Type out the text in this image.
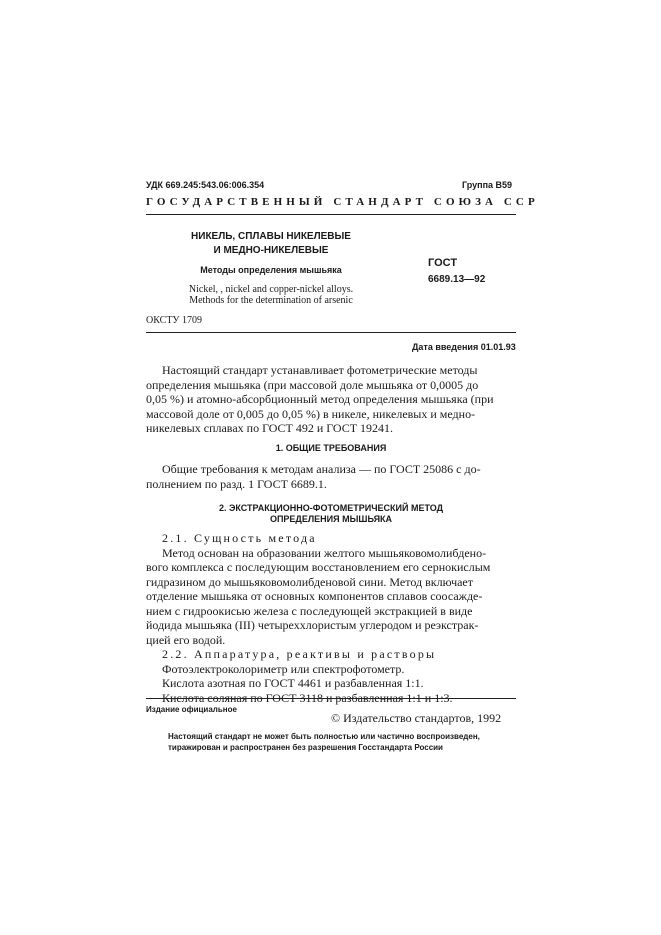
УДК 669.245:543.06:006.354	Группа В59
ГОСУДАРСТВЕННЫЙ СТАНДАРТ СОЮЗА ССР
НИКЕЛЬ, СПЛАВЫ НИКЕЛЕВЫЕ
И МЕДНО-НИКЕЛЕВЫЕ
Методы определения мышьяка
Nickel, , nickel and copper-nickel alloys.
Methods for the determination of arsenic
ГОСТ
6689.13—92
ОКСТУ 1709
Дата введения 01.01.93
Настоящий стандарт устанавливает фотометрические методы
определения мышьяка (при массовой доле мышьяка от 0,0005 до
0,05 %) и атомно-абсорбционный метод определения мышьяка (при
массовой доле от 0,005 до 0,05 %) в никеле, никелевых и медно-
никелевых сплавах по ГОСТ 492 и ГОСТ 19241.
1. ОБЩИЕ ТРЕБОВАНИЯ
Общие требования к методам анализа — по ГОСТ 25086 с до-
полнением по разд. 1 ГОСТ 6689.1.
2. ЭКСТРАКЦИОННО-ФОТОМЕТРИЧЕСКИЙ МЕТОД
ОПРЕДЕЛЕНИЯ МЫШЬЯКА
2.1. Сущность метода
Метод основан на образовании желтого мышьяковомолибдено-
вого комплекса с последующим восстановлением его сернокислым
гидразином до мышьяковомолибденовой сини. Метод включает
отделение мышьяка от основных компонентов сплавов соосажде-
нием с гидроокисью железа с последующей экстракцией в виде
йодида мышьяка (III) четыреххлористым углеродом и реэкстрак-
цией его водой.
2.2. Аппаратура, реактивы и растворы
Фотоэлектроколориметр или спектрофотометр.
Кислота азотная по ГОСТ 4461 и разбавленная 1:1.
Кислота соляная по ГОСТ 3118 и разбавленная 1:1 и 1:3.
Издание официальное
© Издательство стандартов, 1992
Настоящий стандарт не может быть полностью или частично воспроизведен,
тиражирован и распространен без разрешения Госстандарта России
